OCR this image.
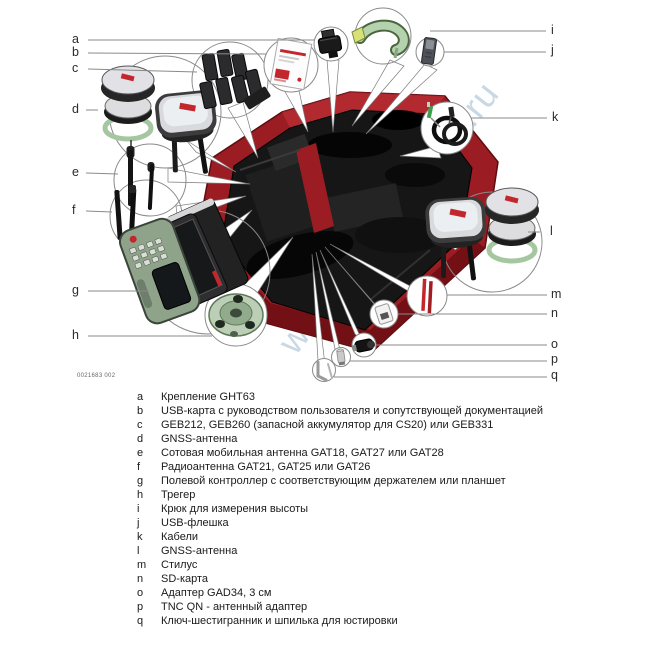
a
b
c
d
e
f
g
h
i
j
k
l
m
n
o
p
q
0021683 002
a	Крепление GHT63
b	USB-карта с руководством пользователя и сопутствующей документацией
c	GEB212, GEB260 (запасной аккумулятор для CS20) или GEB331
d	GNSS-антенна
e	Сотовая мобильная антенна GAT18, GAT27 или GAT28
f	Радиоантенна GAT21, GAT25 или GAT26
g	Полевой контроллер с соответствующим держателем или планшет
h	Трегер
i	Крюк для измерения высоты
j	USB-флешка
k	Кабели
l	GNSS-антенна
m	Стилус
n	SD-карта
o	Адаптер GAD34, 3 см
p	TNC QN - антенный адаптер
q	Ключ-шестигранник и шпилька для юстировки
